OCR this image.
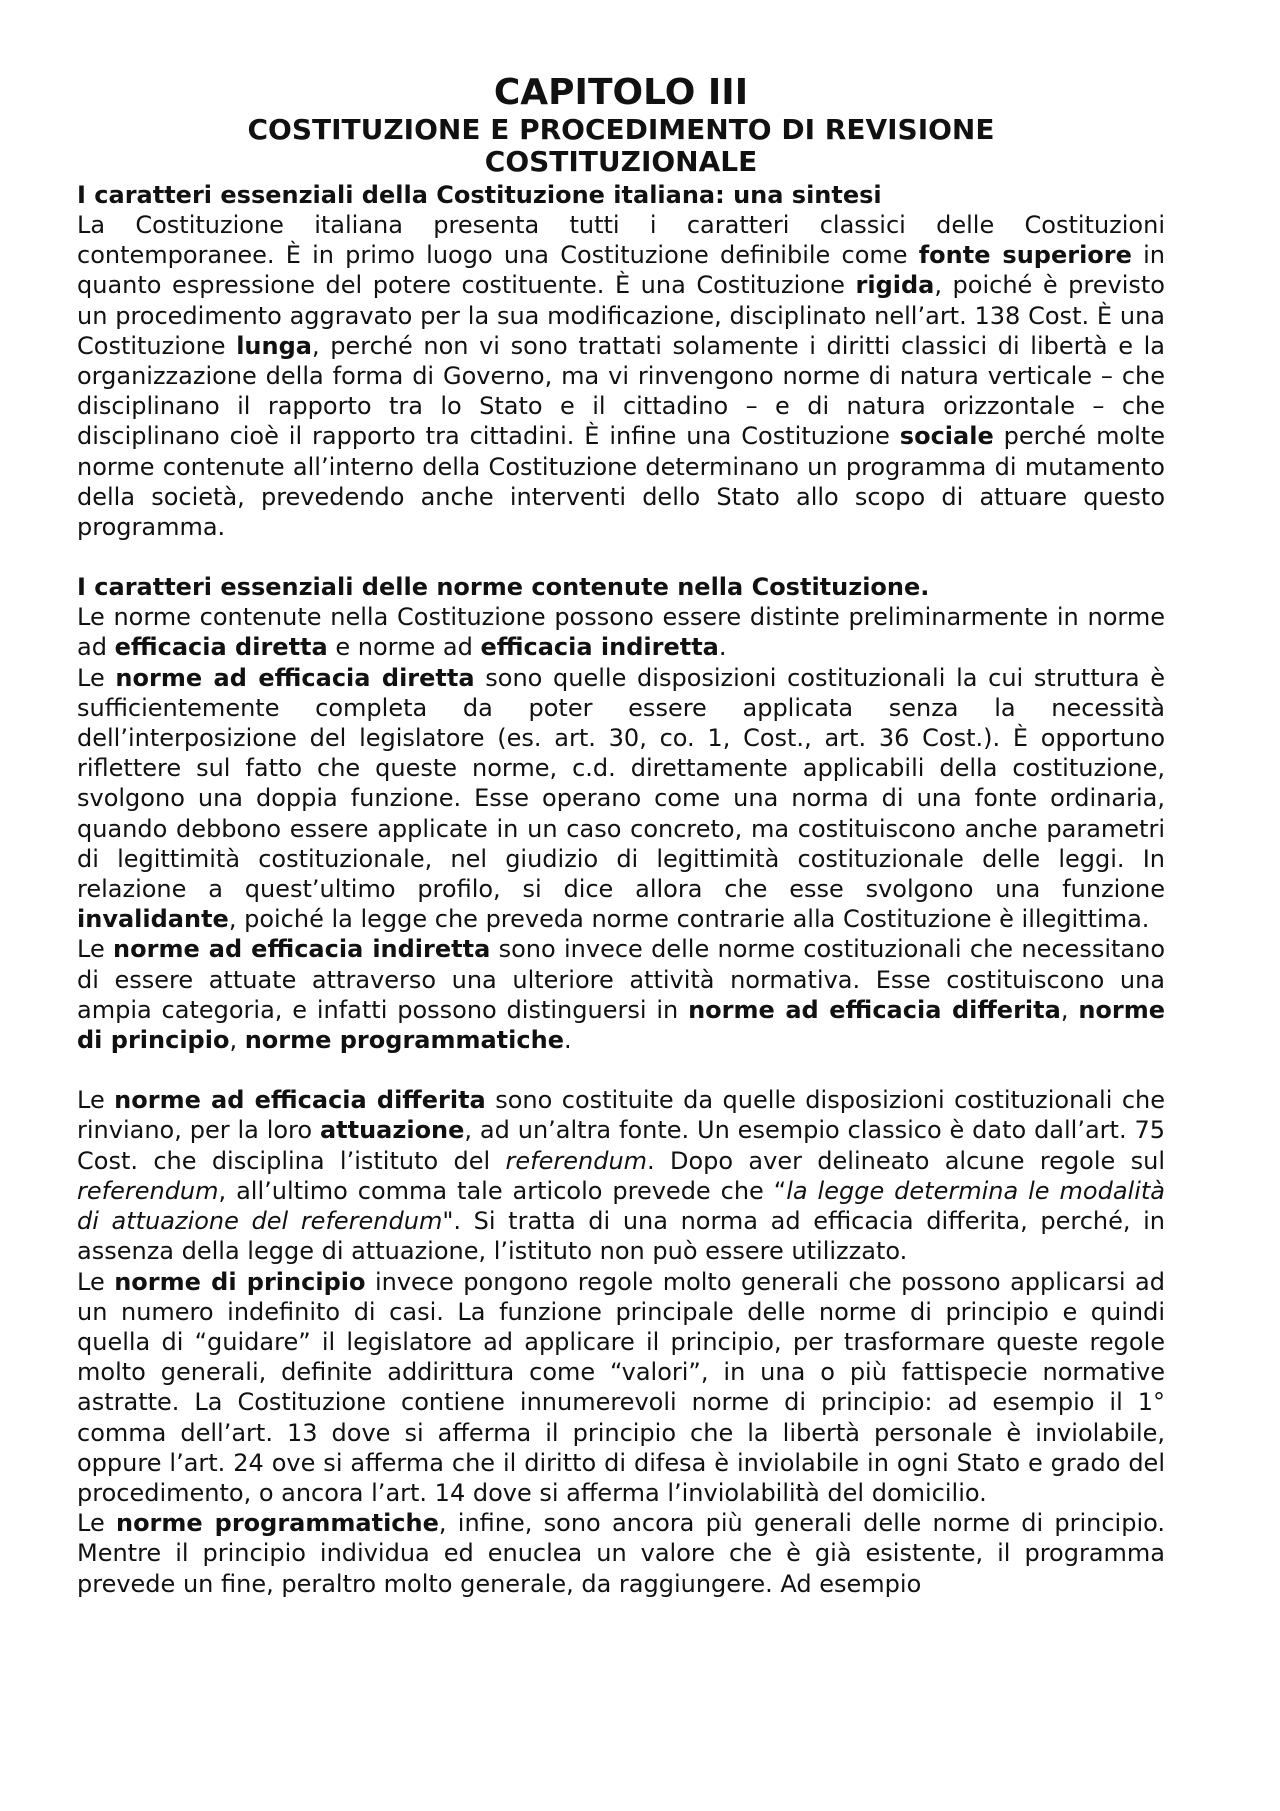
CAPITOLO III
COSTITUZIONE E PROCEDIMENTO DI REVISIONE
COSTITUZIONALE
I caratteri essenziali della Costituzione italiana: una sintesi

La Costituzione italiana presenta tutti i caratteri classici delle Costituzioni contemporanee. È in primo luogo una Costituzione definibile come fonte superiore in quanto espressione del potere costituente. È una Costituzione rigida, poiché è previsto un procedimento aggravato per la sua modificazione, disciplinato nell’art. 138 Cost. È una Costituzione lunga, perché non vi sono trattati solamente i diritti classici di libertà e la organizzazione della forma di Governo, ma vi rinvengono norme di natura verticale – che disciplinano il rapporto tra lo Stato e il cittadino – e di natura orizzontale – che disciplinano cioè il rapporto tra cittadini. È infine una Costituzione sociale perché molte norme contenute all’interno della Costituzione determinano un programma di mutamento della società, prevedendo anche interventi dello Stato allo scopo di attuare questo programma.

I caratteri essenziali delle norme contenute nella Costituzione.

Le norme contenute nella Costituzione possono essere distinte preliminarmente in norme ad efficacia diretta e norme ad efficacia indiretta.

Le norme ad efficacia diretta sono quelle disposizioni costituzionali la cui struttura è sufficientemente completa da poter essere applicata senza la necessità dell’interposizione del legislatore (es. art. 30, co. 1, Cost., art. 36 Cost.). È opportuno riflettere sul fatto che queste norme, c.d. direttamente applicabili della costituzione, svolgono una doppia funzione. Esse operano come una norma di una fonte ordinaria, quando debbono essere applicate in un caso concreto, ma costituiscono anche parametri di legittimità costituzionale, nel giudizio di legittimità costituzionale delle leggi. In relazione a quest’ultimo profilo, si dice allora che esse svolgono una funzione invalidante, poiché la legge che preveda norme contrarie alla Costituzione è illegittima.

Le norme ad efficacia indiretta sono invece delle norme costituzionali che necessitano di essere attuate attraverso una ulteriore attività normativa. Esse costituiscono una ampia categoria, e infatti possono distinguersi in norme ad efficacia differita, norme di principio, norme programmatiche.

Le norme ad efficacia differita sono costituite da quelle disposizioni costituzionali che rinviano, per la loro attuazione, ad un’altra fonte. Un esempio classico è dato dall’art. 75 Cost. che disciplina l’istituto del referendum. Dopo aver delineato alcune regole sul referendum, all’ultimo comma tale articolo prevede che “la legge determina le modalità di attuazione del referendum". Si tratta di una norma ad efficacia differita, perché, in assenza della legge di attuazione, l’istituto non può essere utilizzato.

Le norme di principio invece pongono regole molto generali che possono applicarsi ad un numero indefinito di casi. La funzione principale delle norme di principio e quindi quella di “guidare” il legislatore ad applicare il principio, per trasformare queste regole molto generali, definite addirittura come “valori”, in una o più fattispecie normative astratte. La Costituzione contiene innumerevoli norme di principio: ad esempio il 1° comma dell’art. 13 dove si afferma il principio che la libertà personale è inviolabile, oppure l’art. 24 ove si afferma che il diritto di difesa è inviolabile in ogni Stato e grado del procedimento, o ancora l’art. 14 dove si afferma l’inviolabilità del domicilio.

Le norme programmatiche, infine, sono ancora più generali delle norme di principio. Mentre il principio individua ed enuclea un valore che è già esistente, il programma prevede un fine, peraltro molto generale, da raggiungere. Ad esempio
